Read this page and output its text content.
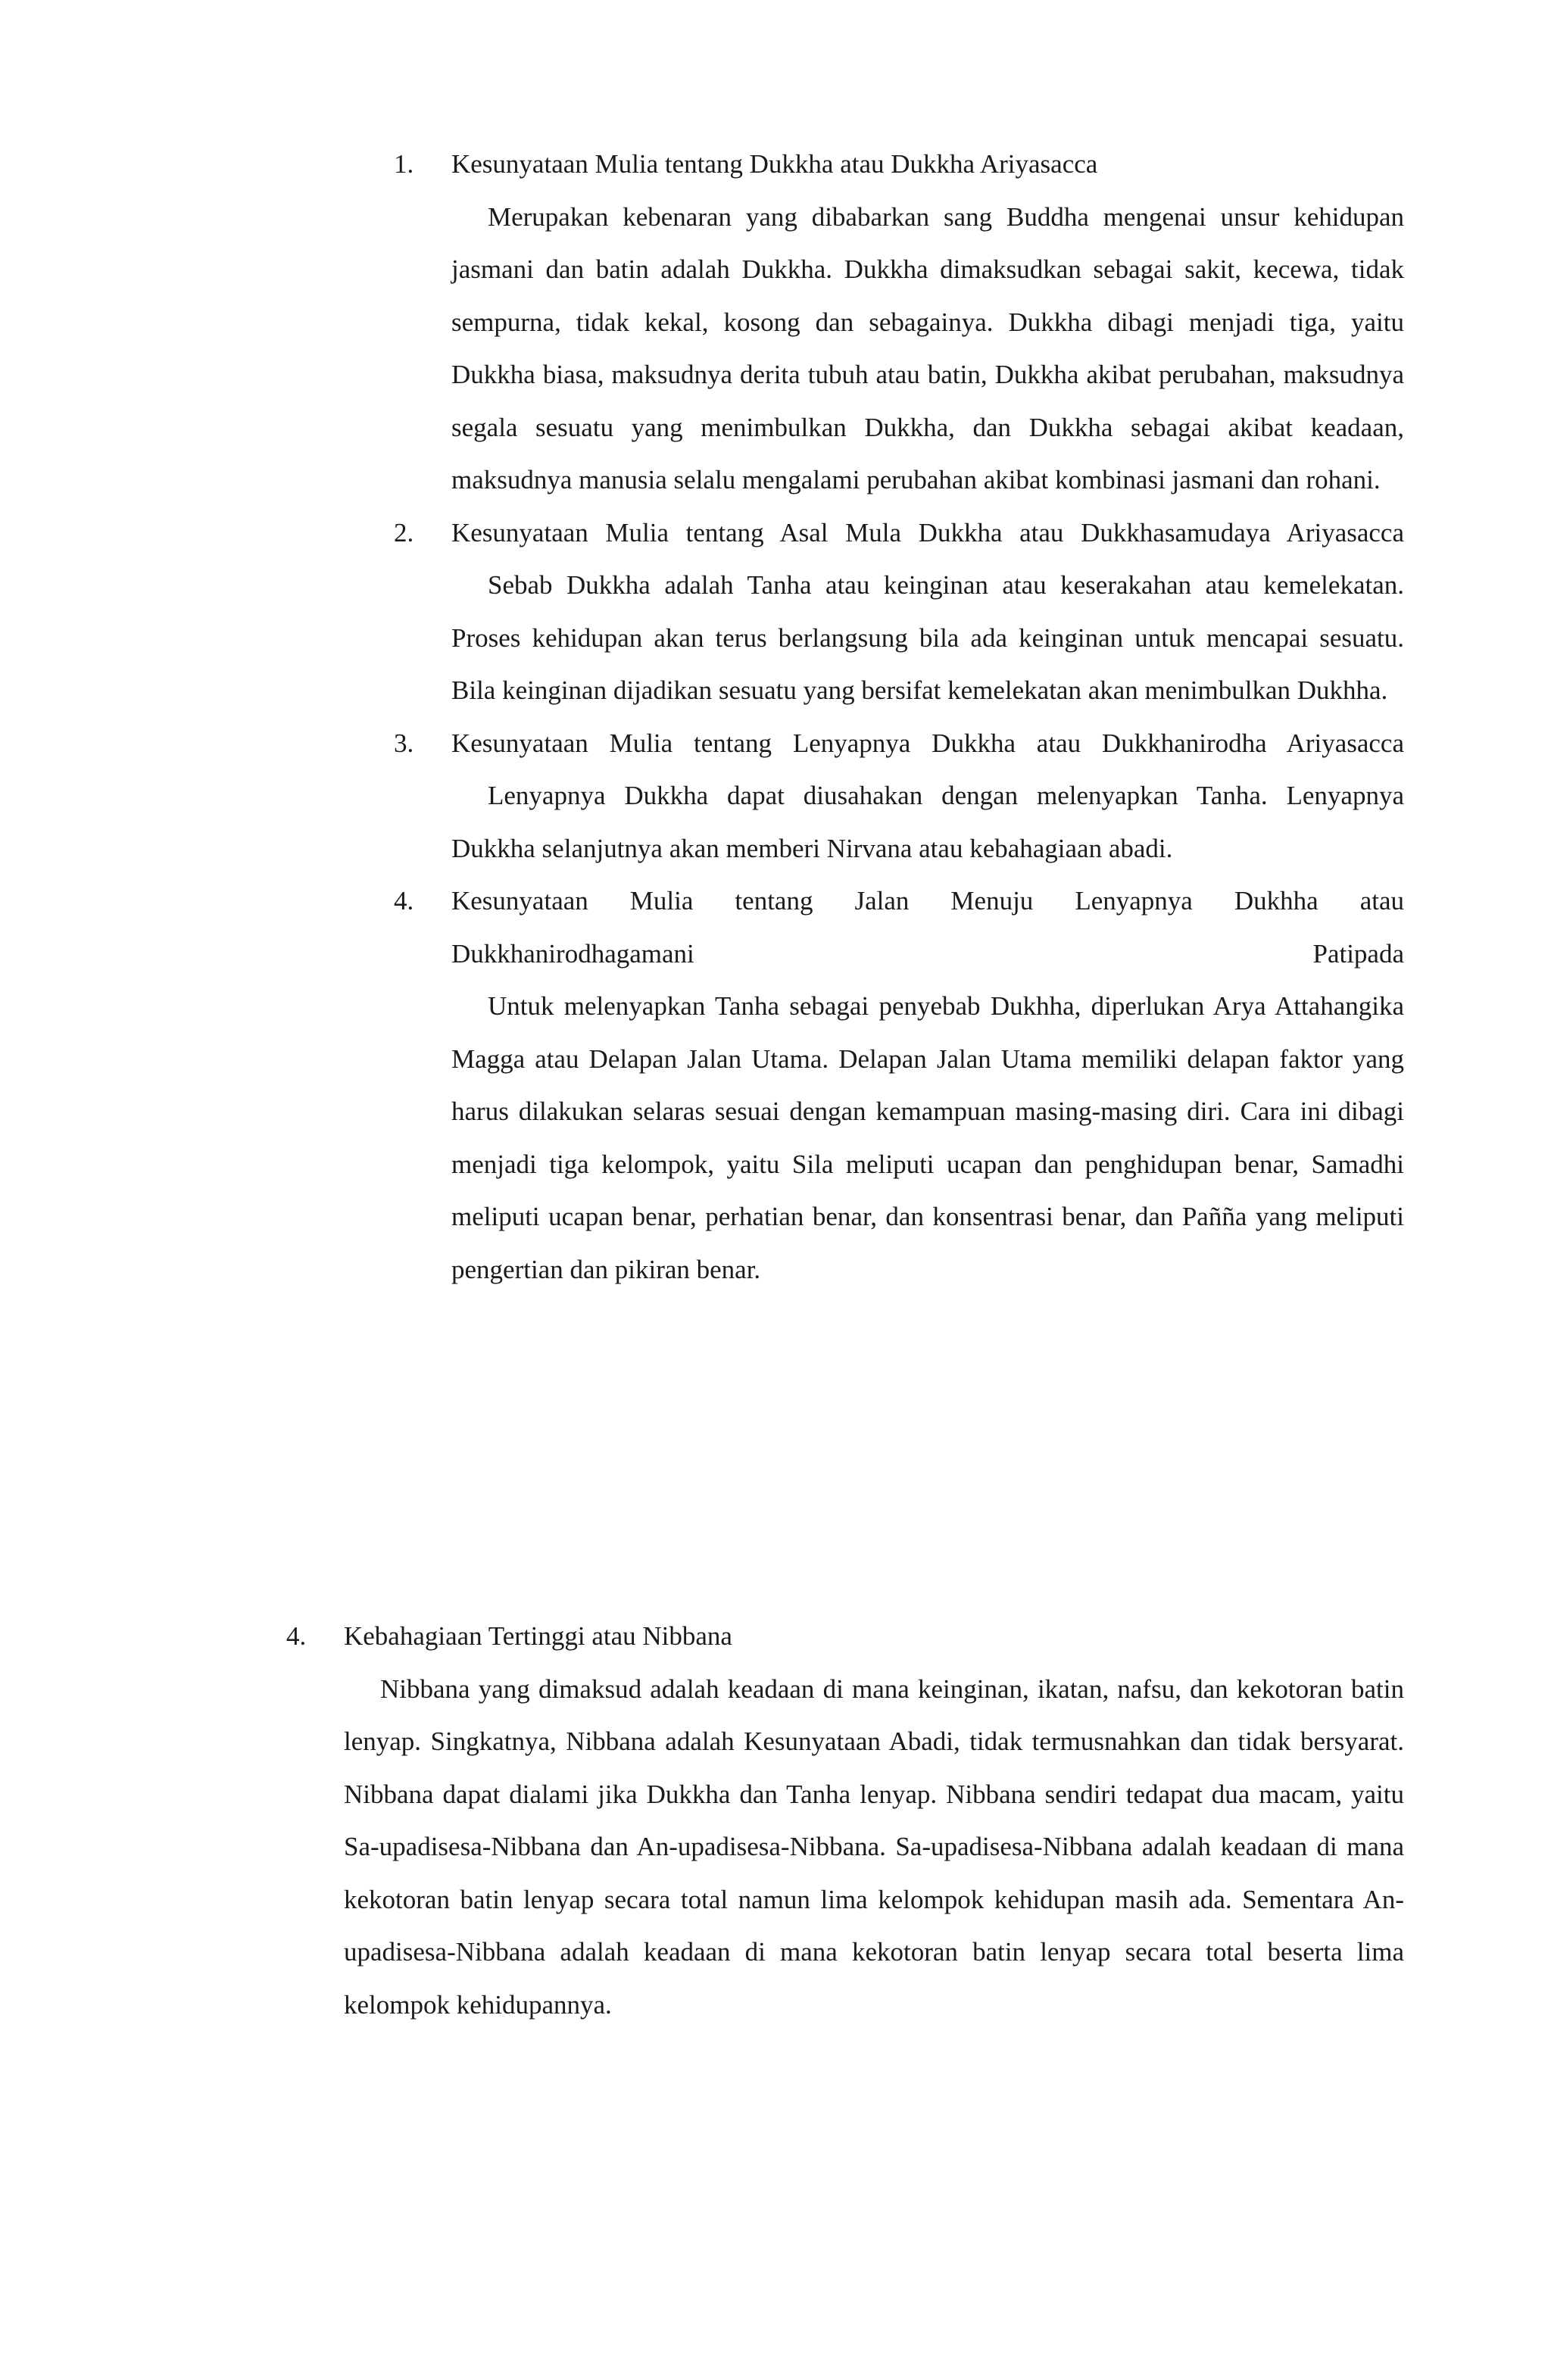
1.	Kesunyataan Mulia tentang Dukkha atau Dukkha Ariyasacca
Merupakan kebenaran yang dibabarkan sang Buddha mengenai unsur kehidupan jasmani dan batin adalah Dukkha. Dukkha dimaksudkan sebagai sakit, kecewa, tidak sempurna, tidak kekal, kosong dan sebagainya. Dukkha dibagi menjadi tiga, yaitu Dukkha biasa, maksudnya derita tubuh atau batin, Dukkha akibat perubahan, maksudnya segala sesuatu yang menimbulkan Dukkha, dan Dukkha sebagai akibat keadaan, maksudnya manusia selalu mengalami perubahan akibat kombinasi jasmani dan rohani.
2.	Kesunyataan Mulia tentang Asal Mula Dukkha atau Dukkhasamudaya Ariyasacca
Sebab Dukkha adalah Tanha atau keinginan atau keserakahan atau kemelekatan. Proses kehidupan akan terus berlangsung bila ada keinginan untuk mencapai sesuatu. Bila keinginan dijadikan sesuatu yang bersifat kemelekatan akan menimbulkan Dukhha.
3.	Kesunyataan Mulia tentang Lenyapnya Dukkha atau Dukkhanirodha Ariyasacca
Lenyapnya Dukkha dapat diusahakan dengan melenyapkan Tanha. Lenyapnya Dukkha selanjutnya akan memberi Nirvana atau kebahagiaan abadi.
4.	Kesunyataan Mulia tentang Jalan Menuju Lenyapnya Dukhha atau Dukkhanirodhagamani Patipada
Untuk melenyapkan Tanha sebagai penyebab Dukhha, diperlukan Arya Attahangika Magga atau Delapan Jalan Utama. Delapan Jalan Utama memiliki delapan faktor yang harus dilakukan selaras sesuai dengan kemampuan masing-masing diri. Cara ini dibagi menjadi tiga kelompok, yaitu Sila meliputi ucapan dan penghidupan benar, Samadhi meliputi ucapan benar, perhatian benar, dan konsentrasi benar, dan Paññа yang meliputi pengertian dan pikiran benar.
4. Kebahagiaan Tertinggi atau Nibbana
Nibbana yang dimaksud adalah keadaan di mana keinginan, ikatan, nafsu, dan kekotoran batin lenyap. Singkatnya, Nibbana adalah Kesunyataan Abadi, tidak termusnahkan dan tidak bersyarat. Nibbana dapat dialami jika Dukkha dan Tanha lenyap. Nibbana sendiri tedapat dua macam, yaitu Sa-upadisesa-Nibbana dan An-upadisesa-Nibbana. Sa-upadisesa-Nibbana adalah keadaan di mana kekotoran batin lenyap secara total namun lima kelompok kehidupan masih ada. Sementara An-upadisesa-Nibbana adalah keadaan di mana kekotoran batin lenyap secara total beserta lima kelompok kehidupannya.
